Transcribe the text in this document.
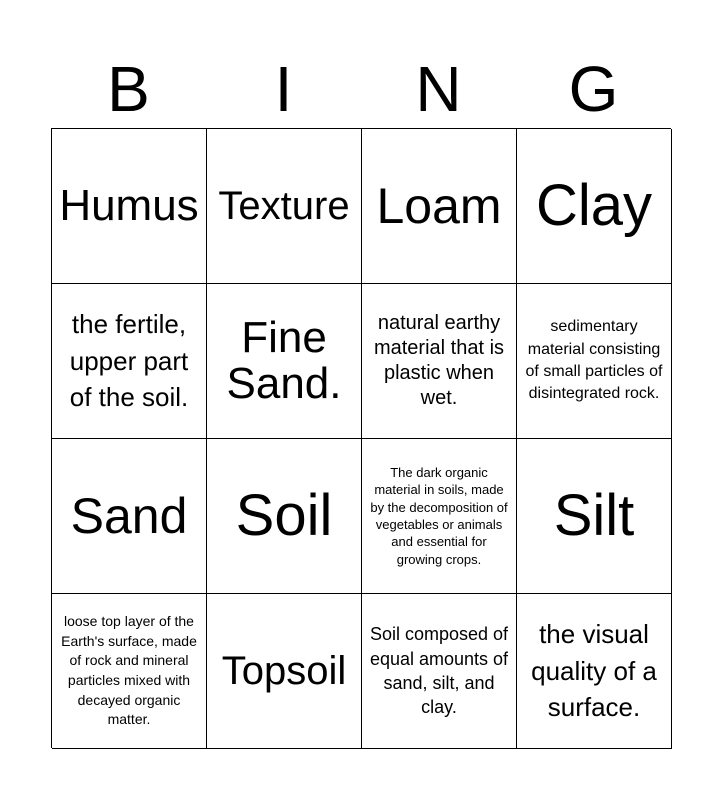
B	I	N	G
Humus Texture Loam Clay
the fertile, upper part of the soil.
Fine Sand.
natural earthy material that is plastic when wet.
sedimentary material consisting of small particles of disintegrated rock.
Sand Soil
The dark organic material in soils, made by the decomposition of vegetables or animals and essential for growing crops.
Silt
loose top layer of the Earth's surface, made of rock and mineral particles mixed with decayed organic matter.
Topsoil
Soil composed of equal amounts of sand, silt, and clay.
the visual quality of a surface.
